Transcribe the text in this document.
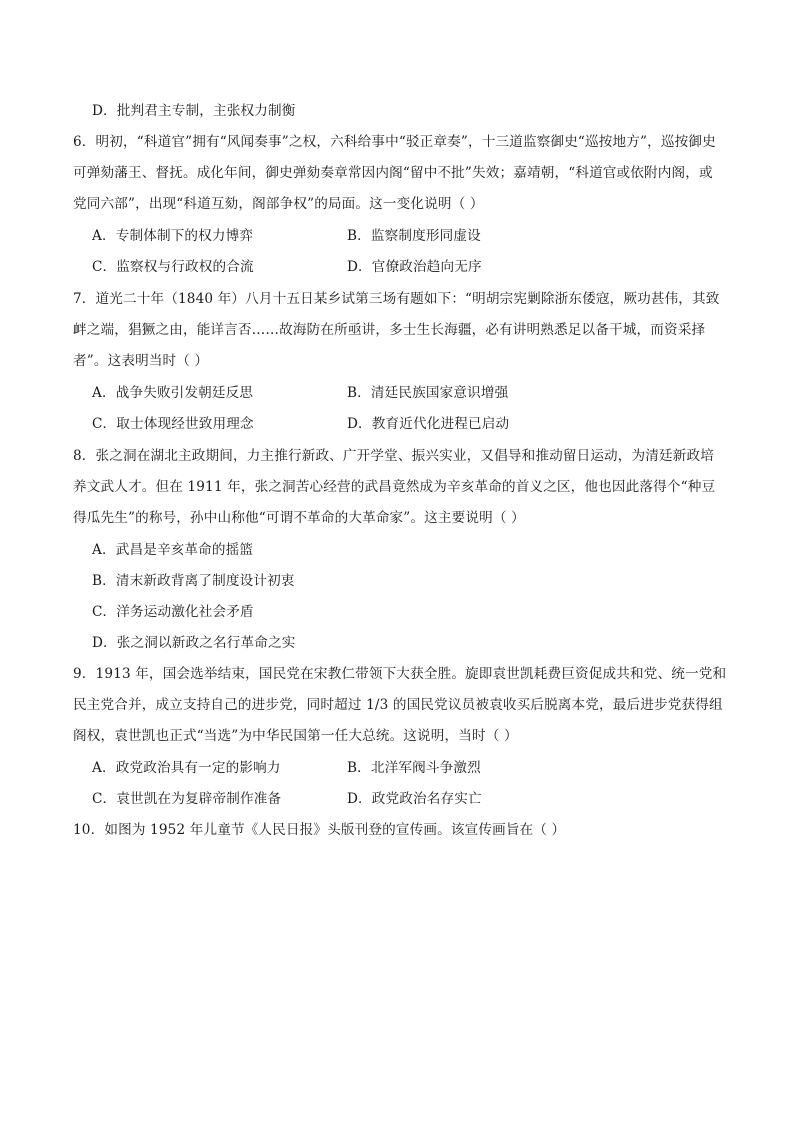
D．批判君主专制，主张权力制衡
6．明初，“科道官”拥有“风闻奏事”之权，六科给事中“驳正章奏”，十三道监察御史“巡按地方”，巡按御史
可弹劾藩王、督抚。成化年间，御史弹劾奏章常因内阁“留中不批”失效；嘉靖朝，“科道官或依附内阁，或
党同六部”，出现“科道互劾，阁部争权”的局面。这一变化说明（ ）
A．专制体制下的权力博弈	B．监察制度形同虚设
C．监察权与行政权的合流	D．官僚政治趋向无序
7．道光二十年（1840 年）八月十五日某乡试第三场有题如下：“明胡宗宪剿除浙东倭寇，厥功甚伟，其致
衅之端，猖獗之由，能详言否……故海防在所亟讲，多士生长海疆，必有讲明熟悉足以备干城，而资采择
者”。这表明当时（ ）
A．战争失败引发朝廷反思	B．清廷民族国家意识增强
C．取士体现经世致用理念	D．教育近代化进程已启动
8．张之洞在湖北主政期间，力主推行新政、广开学堂、振兴实业，又倡导和推动留日运动，为清廷新政培
养文武人才。但在 1911 年，张之洞苦心经营的武昌竟然成为辛亥革命的首义之区，他也因此落得个“种豆
得瓜先生”的称号，孙中山称他“可谓不革命的大革命家”。这主要说明（ ）
A．武昌是辛亥革命的摇篮
B．清末新政背离了制度设计初衷
C．洋务运动激化社会矛盾
D．张之洞以新政之名行革命之实
9．1913 年，国会选举结束，国民党在宋教仁带领下大获全胜。旋即袁世凯耗费巨资促成共和党、统一党和
民主党合并，成立支持自己的进步党，同时超过 1/3 的国民党议员被袁收买后脱离本党，最后进步党获得组
阁权，袁世凯也正式“当选”为中华民国第一任大总统。这说明，当时（ ）
A．政党政治具有一定的影响力	B．北洋军阀斗争激烈
C．袁世凯在为复辟帝制作准备	D．政党政治名存实亡
10．如图为 1952 年儿童节《人民日报》头版刊登的宣传画。该宣传画旨在（ ）
